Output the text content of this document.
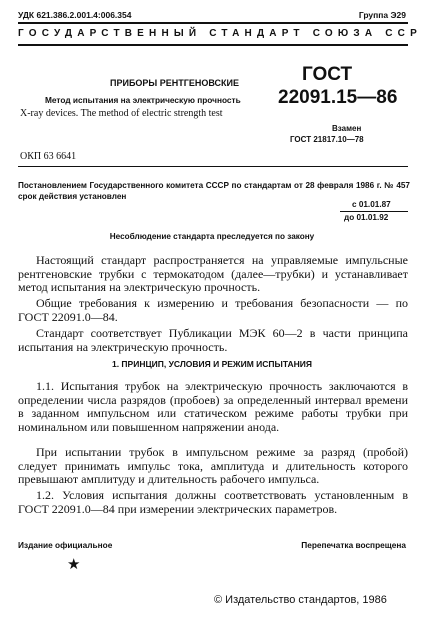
УДК 621.386.2.001.4:006.354	Группа Э29
ГОСУДАРСТВЕННЫЙ СТАНДАРТ СОЮЗА ССР
ПРИБОРЫ РЕНТГЕНОВСКИЕ
Метод испытания на электрическую прочность
X-ray devices. The method of electric strength test
ГОСТ
22091.15—86
Взамен
ГОСТ 21817.10—78
ОКП 63 6641
Постановлением Государственного комитета СССР по стандартам от 28 февраля 1986 г. № 457 срок действия установлен
с 01.01.87
до 01.01.92
Несоблюдение стандарта преследуется по закону
Настоящий стандарт распространяется на управляемые импульсные рентгеновские трубки с термокатодом (далее—трубки) и устанавливает метод испытания на электрическую прочность.
Общие требования к измерению и требования безопасности — по ГОСТ 22091.0—84.
Стандарт соответствует Публикации МЭК 60—2 в части принципа испытания на электрическую прочность.
1. ПРИНЦИП, УСЛОВИЯ И РЕЖИМ ИСПЫТАНИЯ
1.1. Испытания трубок на электрическую прочность заключаются в определении числа разрядов (пробоев) за определенный интервал времени в заданном импульсном или статическом режиме работы трубки при номинальном или повышенном напряжении анода.
При испытании трубок в импульсном режиме за разряд (пробой) следует принимать импульс тока, амплитуда и длительность которого превышают амплитуду и длительность рабочего импульса.
1.2. Условия испытания должны соответствовать установленным в ГОСТ 22091.0—84 при измерении электрических параметров.
Издание официальное	Перепечатка воспрещена
★
© Издательство стандартов, 1986
